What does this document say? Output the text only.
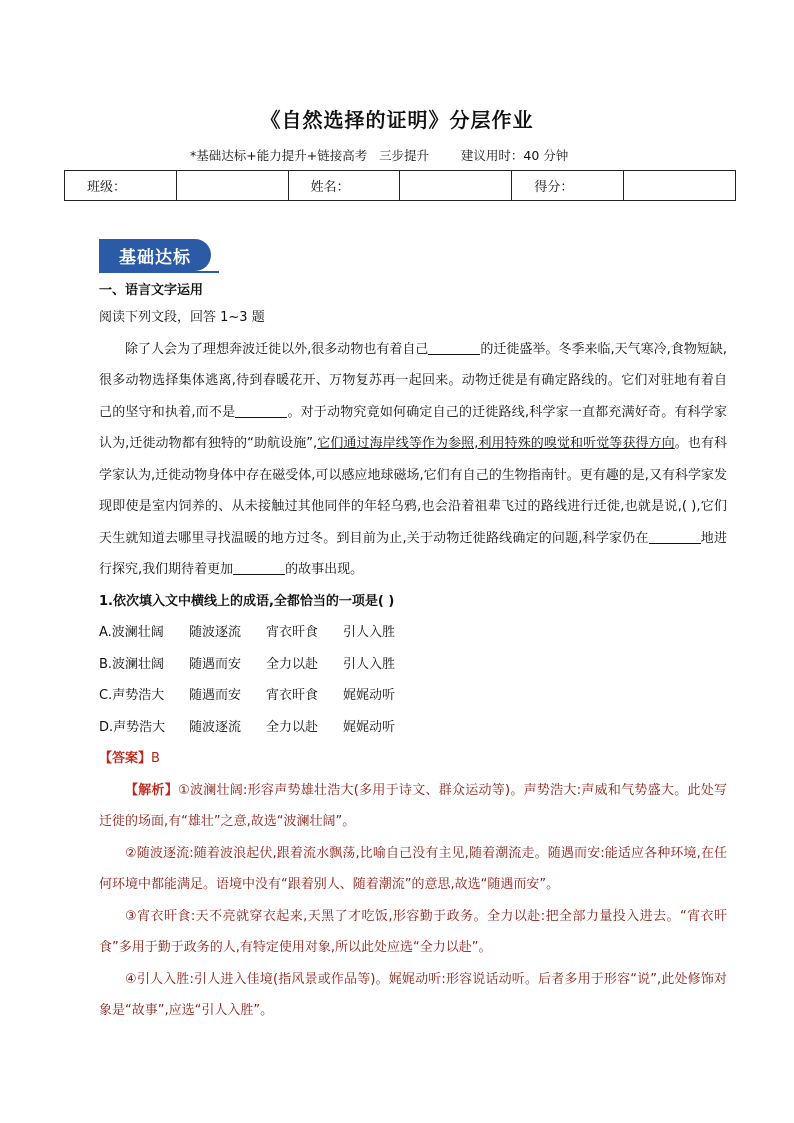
《自然选择的证明》分层作业
*基础达标+能力提升+链接高考   三步提升        建议用时：40 分钟
班级：		姓名：		得分：	
基础达标
一、语言文字运用
阅读下列文段，回答 1~3 题
除了人会为了理想奔波迁徙以外,很多动物也有着自己	的迁徙盛举。冬季来临,天气寒冷,食物短缺,很多动物选择集体逃离,待到春暖花开、万物复苏再一起回来。动物迁徙是有确定路线的。它们对驻地有着自己的坚守和执着,而不是	。对于动物究竟如何确定自己的迁徙路线,科学家一直都充满好奇。有科学家认为,迁徙动物都有独特的“助航设施”,它们通过海岸线等作为参照,利用特殊的嗅觉和听觉等获得方向。也有科学家认为,迁徙动物身体中存在磁受体,可以感应地球磁场,它们有自己的生物指南针。更有趣的是,又有科学家发现即使是室内饲养的、从未接触过其他同伴的年轻乌鸦,也会沿着祖辈飞过的路线进行迁徙,也就是说,( ),它们天生就知道去哪里寻找温暖的地方过冬。到目前为止,关于动物迁徙路线确定的问题,科学家仍在	地进行探究,我们期待着更加	的故事出现。
1.依次填入文中横线上的成语,全都恰当的一项是( )
A.波澜壮阔	随波逐流	宵衣旰食	引人入胜
B.波澜壮阔	随遇而安	全力以赴	引人入胜
C.声势浩大	随遇而安	宵衣旰食	娓娓动听
D.声势浩大	随波逐流	全力以赴	娓娓动听
【答案】B
【解析】①波澜壮阔:形容声势雄壮浩大(多用于诗文、群众运动等)。声势浩大:声威和气势盛大。此处写迁徙的场面,有“雄壮”之意,故选“波澜壮阔”。
②随波逐流:随着波浪起伏,跟着流水飘荡,比喻自己没有主见,随着潮流走。随遇而安:能适应各种环境,在任何环境中都能满足。语境中没有“跟着别人、随着潮流”的意思,故选“随遇而安”。
③宵衣旰食:天不亮就穿衣起来,天黑了才吃饭,形容勤于政务。全力以赴:把全部力量投入进去。“宵衣旰食”多用于勤于政务的人,有特定使用对象,所以此处应选“全力以赴”。
④引人入胜:引人进入佳境(指风景或作品等)。娓娓动听:形容说话动听。后者多用于形容“说”,此处修饰对象是“故事”,应选“引人入胜”。
